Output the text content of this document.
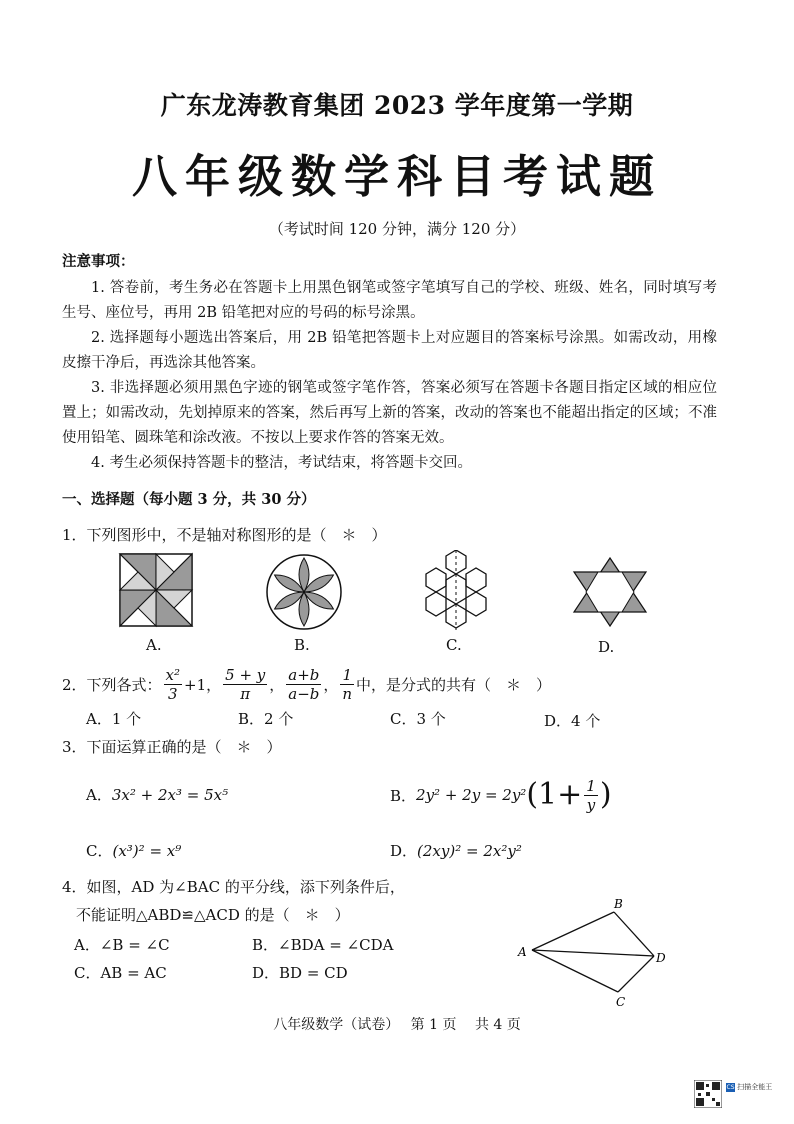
广东龙涛教育集团 2023 学年度第一学期
八年级数学科目考试题
（考试时间 120 分钟，满分 120 分）
注意事项：

1. 答卷前，考生务必在答题卡上用黑色钢笔或签字笔填写自己的学校、班级、姓名，同时填写考生号、座位号，再用 2B 铅笔把对应的号码的标号涂黑。

2. 选择题每小题选出答案后，用 2B 铅笔把答题卡上对应题目的答案标号涂黑。如需改动，用橡皮擦干净后，再选涂其他答案。

3. 非选择题必须用黑色字迹的钢笔或签字笔作答，答案必须写在答题卡各题目指定区域的相应位置上；如需改动，先划掉原来的答案，然后再写上新的答案，改动的答案也不能超出指定的区域；不准使用铅笔、圆珠笔和涂改液。不按以上要求作答的答案无效。

4. 考生必须保持答题卡的整洁，考试结束，将答题卡交回。

一、选择题（每小题 3 分，共 30 分）
1．下列图形中，不是轴对称图形的是（　＊　）
A.	B.	C.	D.
2．下列各式： $\frac{\text{x²}}{3} +1$， $\frac{5 + y}{\pi}$ ， $\frac{a+b}{a-b}$ ， $\frac{1}{n}$ 中，是分式的共有（　＊　）
A．1 个	B．2 个	C．3 个	D．4 个
3．下面运算正确的是（　＊　）
A．3x² + 2x³ = 5x⁵	B． 2y² + 2y = 2y² ($1+ \frac{1}{y}$ )
C．(x³)² = x⁹	D．(2xy)² = 2x²y²
4．如图，AD 为∠BAC 的平分线，添下列条件后，
不能证明△ABD≌△ACD 的是（　＊　）
A．∠B = ∠C	B．∠BDA = ∠CDA
C．AB = AC	D．BD = CD
A
B
C
D
八年级数学（试卷）　 第 1 页　 共 4 页
CS 扫描全能王
